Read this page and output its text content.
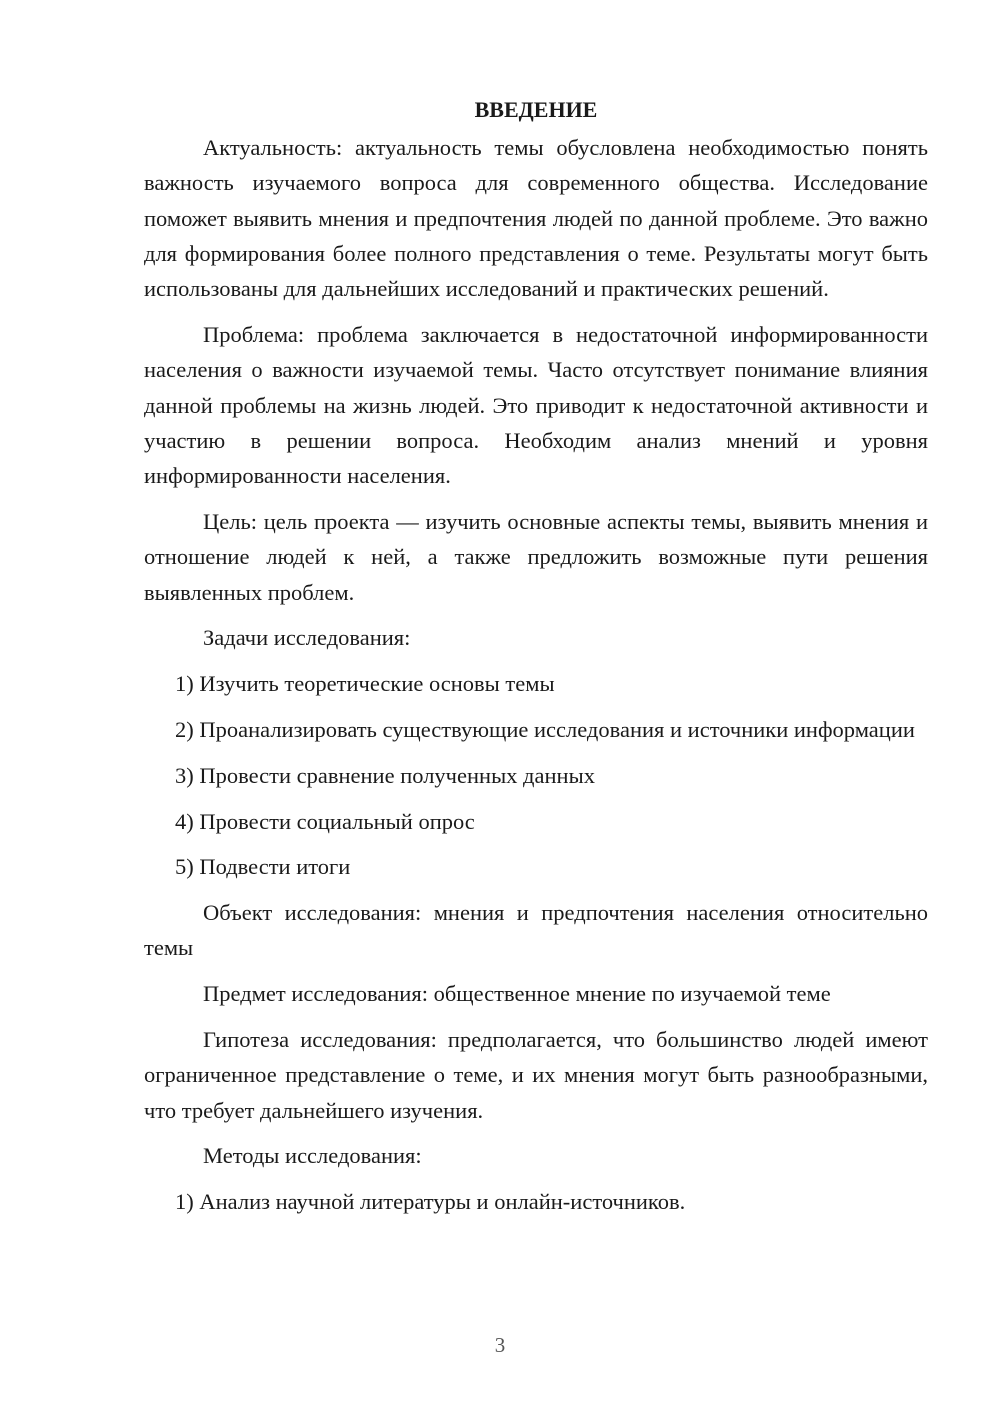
ВВЕДЕНИЕ

Актуальность: актуальность темы обусловлена необходимостью понять важность изучаемого вопроса для современного общества. Исследование поможет выявить мнения и предпочтения людей по данной проблеме. Это важно для формирования более полного представления о теме. Результаты могут быть использованы для дальнейших исследований и практических решений.

Проблема: проблема заключается в недостаточной информированности населения о важности изучаемой темы. Часто отсутствует понимание влияния данной проблемы на жизнь людей. Это приводит к недостаточной активности и участию в решении вопроса. Необходим анализ мнений и уровня информированности населения.

Цель: цель проекта — изучить основные аспекты темы, выявить мнения и отношение людей к ней, а также предложить возможные пути решения выявленных проблем.

Задачи исследования:

1) Изучить теоретические основы темы

2) Проанализировать существующие исследования и источники информации

3) Провести сравнение полученных данных

4) Провести социальный опрос

5) Подвести итоги

Объект исследования: мнения и предпочтения населения относительно темы

Предмет исследования: общественное мнение по изучаемой теме

Гипотеза исследования: предполагается, что большинство людей имеют ограниченное представление о теме, и их мнения могут быть разнообразными, что требует дальнейшего изучения.

Методы исследования:

1) Анализ научной литературы и онлайн-источников.

3
